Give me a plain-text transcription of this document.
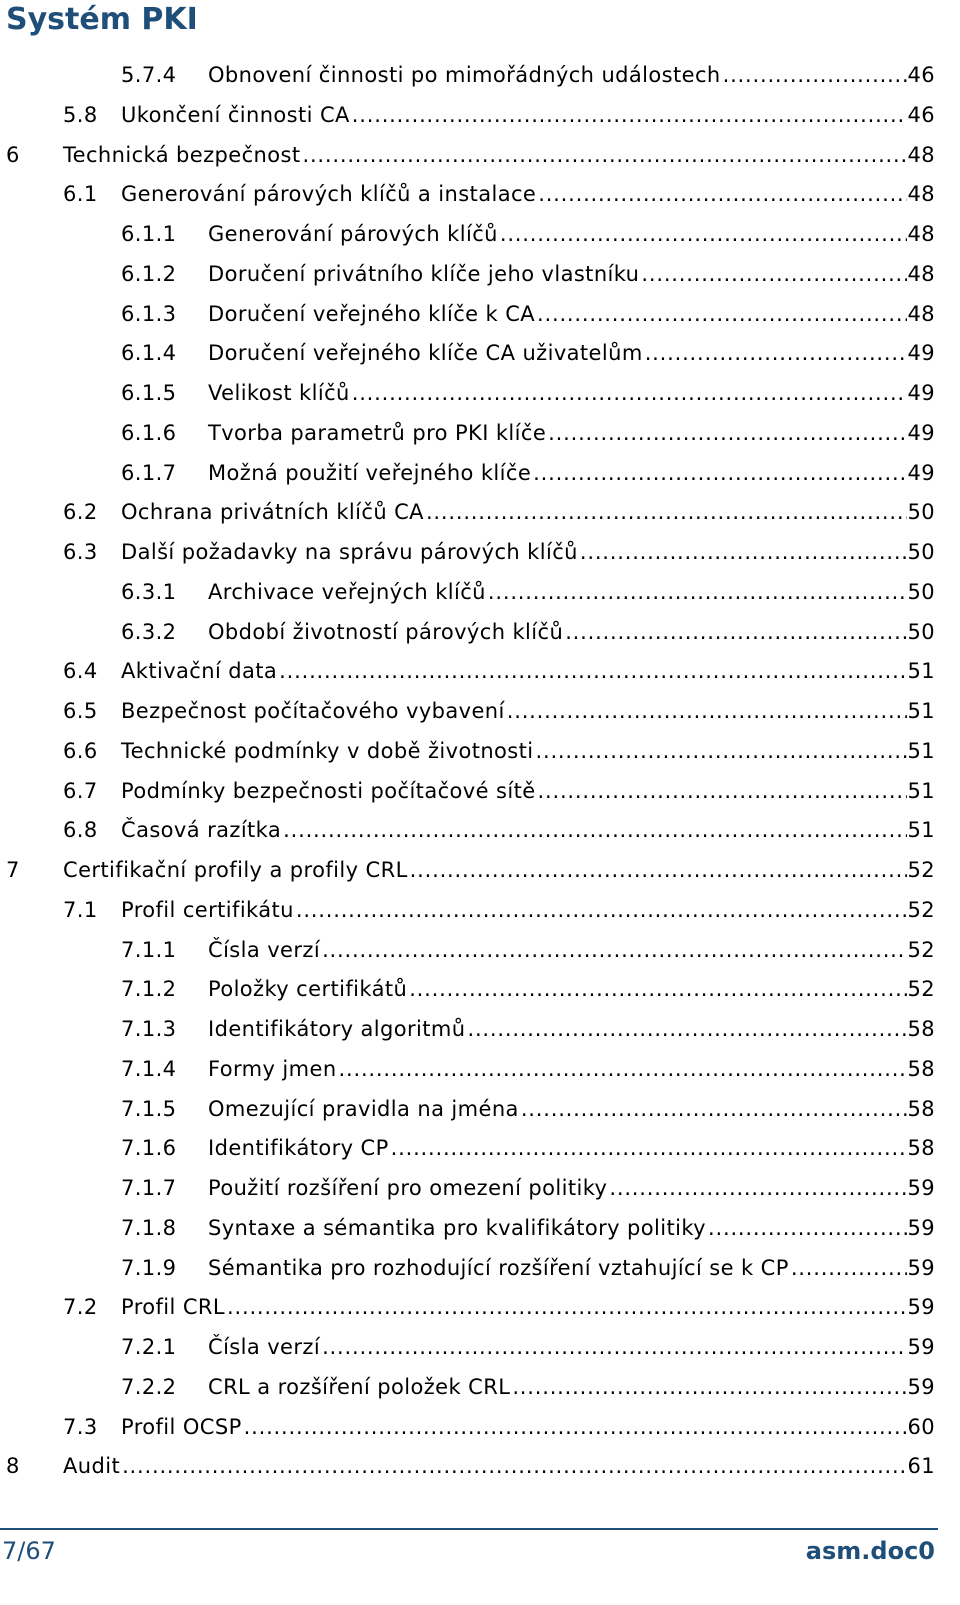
Systém PKI
5.7.4	Obnovení činnosti po mimořádných událostech .....	46
5.8	Ukončení činnosti CA .....	46
6	Technická bezpečnost .....	48
6.1	Generování párových klíčů a instalace .....	48
6.1.1	Generování párových klíčů .....	48
6.1.2	Doručení privátního klíče jeho vlastníku .....	48
6.1.3	Doručení veřejného klíče k CA .....	48
6.1.4	Doručení veřejného klíče CA uživatelům .....	49
6.1.5	Velikost klíčů .....	49
6.1.6	Tvorba parametrů pro PKI klíče .....	49
6.1.7	Možná použití veřejného klíče .....	49
6.2	Ochrana privátních klíčů CA .....	50
6.3	Další požadavky na správu párových klíčů .....	50
6.3.1	Archivace veřejných klíčů .....	50
6.3.2	Období životností párových klíčů .....	50
6.4	Aktivační data .....	51
6.5	Bezpečnost počítačového vybavení .....	51
6.6	Technické podmínky v době životnosti .....	51
6.7	Podmínky bezpečnosti počítačové sítě .....	51
6.8	Časová razítka .....	51
7	Certifikační profily a profily CRL .....	52
7.1	Profil certifikátu .....	52
7.1.1	Čísla verzí .....	52
7.1.2	Položky certifikátů .....	52
7.1.3	Identifikátory algoritmů .....	58
7.1.4	Formy jmen .....	58
7.1.5	Omezující pravidla na jména .....	58
7.1.6	Identifikátory CP .....	58
7.1.7	Použití rozšíření pro omezení politiky .....	59
7.1.8	Syntaxe a sémantika pro kvalifikátory politiky .....	59
7.1.9	Sémantika pro rozhodující rozšíření vztahující se k CP .....	59
7.2	Profil CRL .....	59
7.2.1	Čísla verzí .....	59
7.2.2	CRL a rozšíření položek CRL .....	59
7.3	Profil OCSP .....	60
8	Audit .....	61
7/67	asm.doc0
